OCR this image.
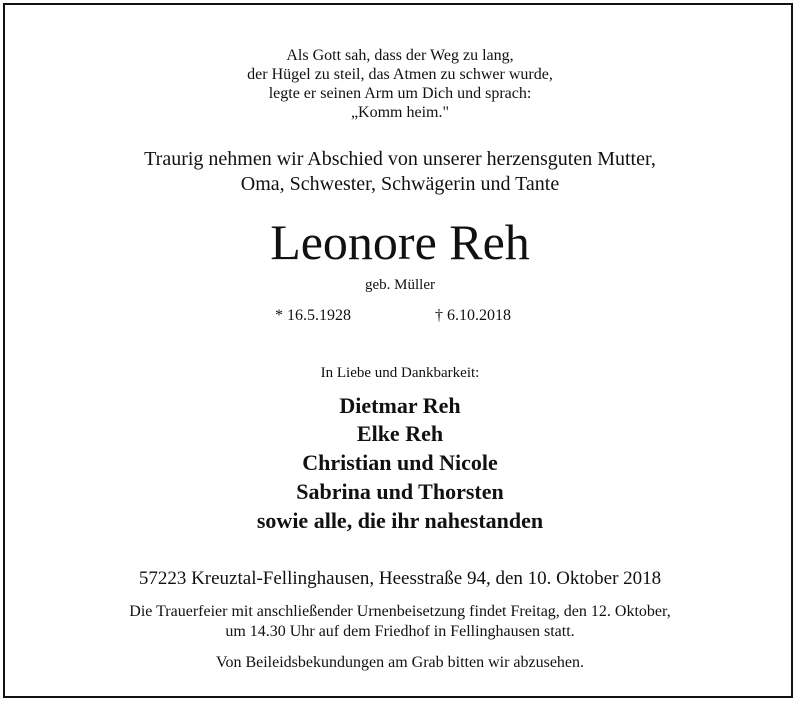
Als Gott sah, dass der Weg zu lang,
der Hügel zu steil, das Atmen zu schwer wurde,
legte er seinen Arm um Dich und sprach:
„Komm heim."
Traurig nehmen wir Abschied von unserer herzensguten Mutter,
Oma, Schwester, Schwägerin und Tante
Leonore Reh
geb. Müller
* 16.5.1928	† 6.10.2018
In Liebe und Dankbarkeit:
Dietmar Reh
Elke Reh
Christian und Nicole
Sabrina und Thorsten
sowie alle, die ihr nahestanden
57223 Kreuztal-Fellinghausen, Heesstraße 94, den 10. Oktober 2018
Die Trauerfeier mit anschließender Urnenbeisetzung findet Freitag, den 12. Oktober,
um 14.30 Uhr auf dem Friedhof in Fellinghausen statt.
Von Beileidsbekundungen am Grab bitten wir abzusehen.
